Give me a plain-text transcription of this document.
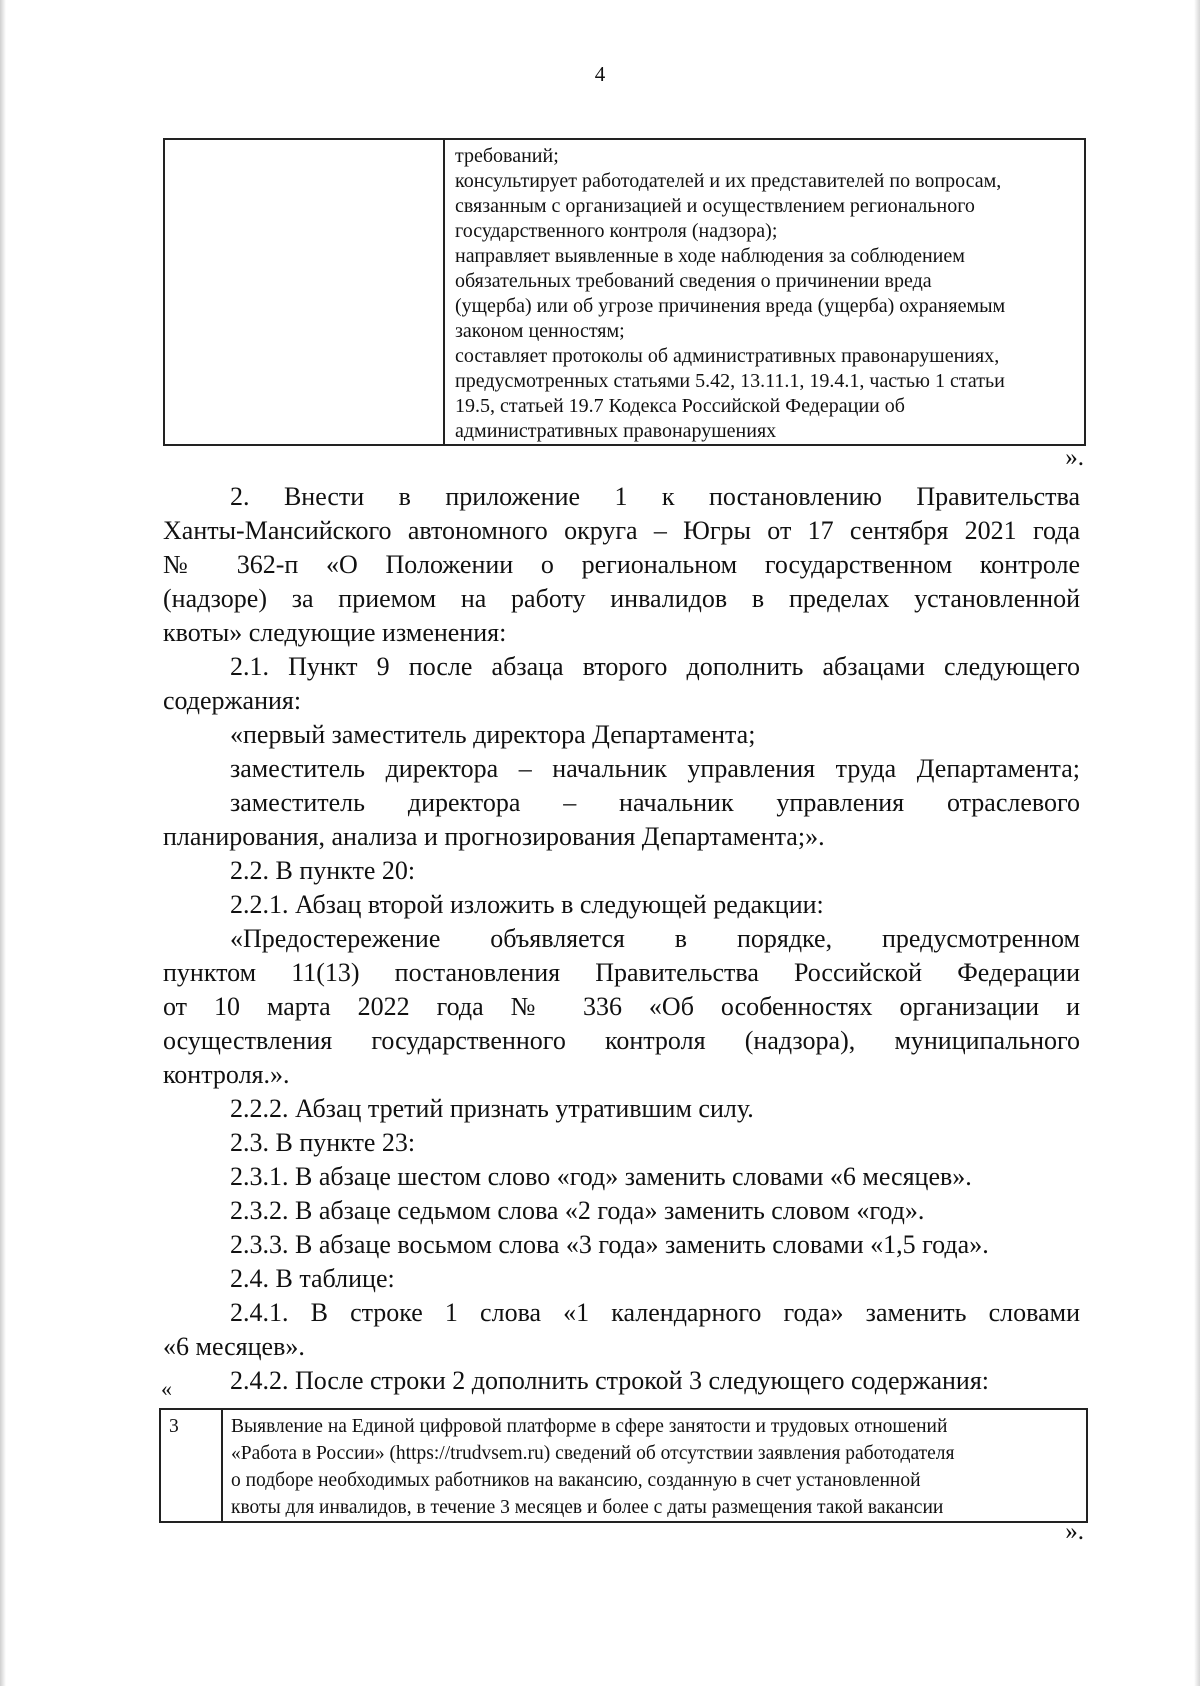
4

требований;
консультирует работодателей и их представителей по вопросам,
связанным с организацией и осуществлением регионального
государственного контроля (надзора);
направляет выявленные в ходе наблюдения за соблюдением
обязательных требований сведения о причинении вреда
(ущерба) или об угрозе причинения вреда (ущерба) охраняемым
законом ценностям;
составляет протоколы об административных правонарушениях,
предусмотренных статьями 5.42, 13.11.1, 19.4.1, частью 1 статьи
19.5, статьей 19.7 Кодекса Российской Федерации об
административных правонарушениях
».
2. Внести в приложение 1 к постановлению Правительства
Ханты-Мансийского автономного округа – Югры от 17 сентября 2021 года
№ 362-п «О Положении о региональном государственном контроле
(надзоре) за приемом на работу инвалидов в пределах установленной
квоты» следующие изменения:
2.1. Пункт 9 после абзаца второго дополнить абзацами следующего
содержания:
«первый заместитель директора Департамента;
заместитель директора – начальник управления труда Департамента;
заместитель директора – начальник управления отраслевого
планирования, анализа и прогнозирования Департамента;».
2.2. В пункте 20:
2.2.1. Абзац второй изложить в следующей редакции:
«Предостережение объявляется в порядке, предусмотренном
пунктом 11(13) постановления Правительства Российской Федерации
от 10 марта 2022 года № 336 «Об особенностях организации и
осуществления государственного контроля (надзора), муниципального
контроля.».
2.2.2. Абзац третий признать утратившим силу.
2.3. В пункте 23:
2.3.1. В абзаце шестом слово «год» заменить словами «6 месяцев».
2.3.2. В абзаце седьмом слова «2 года» заменить словом «год».
2.3.3. В абзаце восьмом слова «3 года» заменить словами «1,5 года».
2.4. В таблице:
2.4.1. В строке 1 слова «1 календарного года» заменить словами
«6 месяцев».
2.4.2. После строки 2 дополнить строкой 3 следующего содержания:
«
3	Выявление на Единой цифровой платформе в сфере занятости и трудовых отношений
«Работа в России» (https://trudvsem.ru) сведений об отсутствии заявления работодателя
о подборе необходимых работников на вакансию, созданную в счет установленной
квоты для инвалидов, в течение 3 месяцев и более с даты размещения такой вакансии
».
